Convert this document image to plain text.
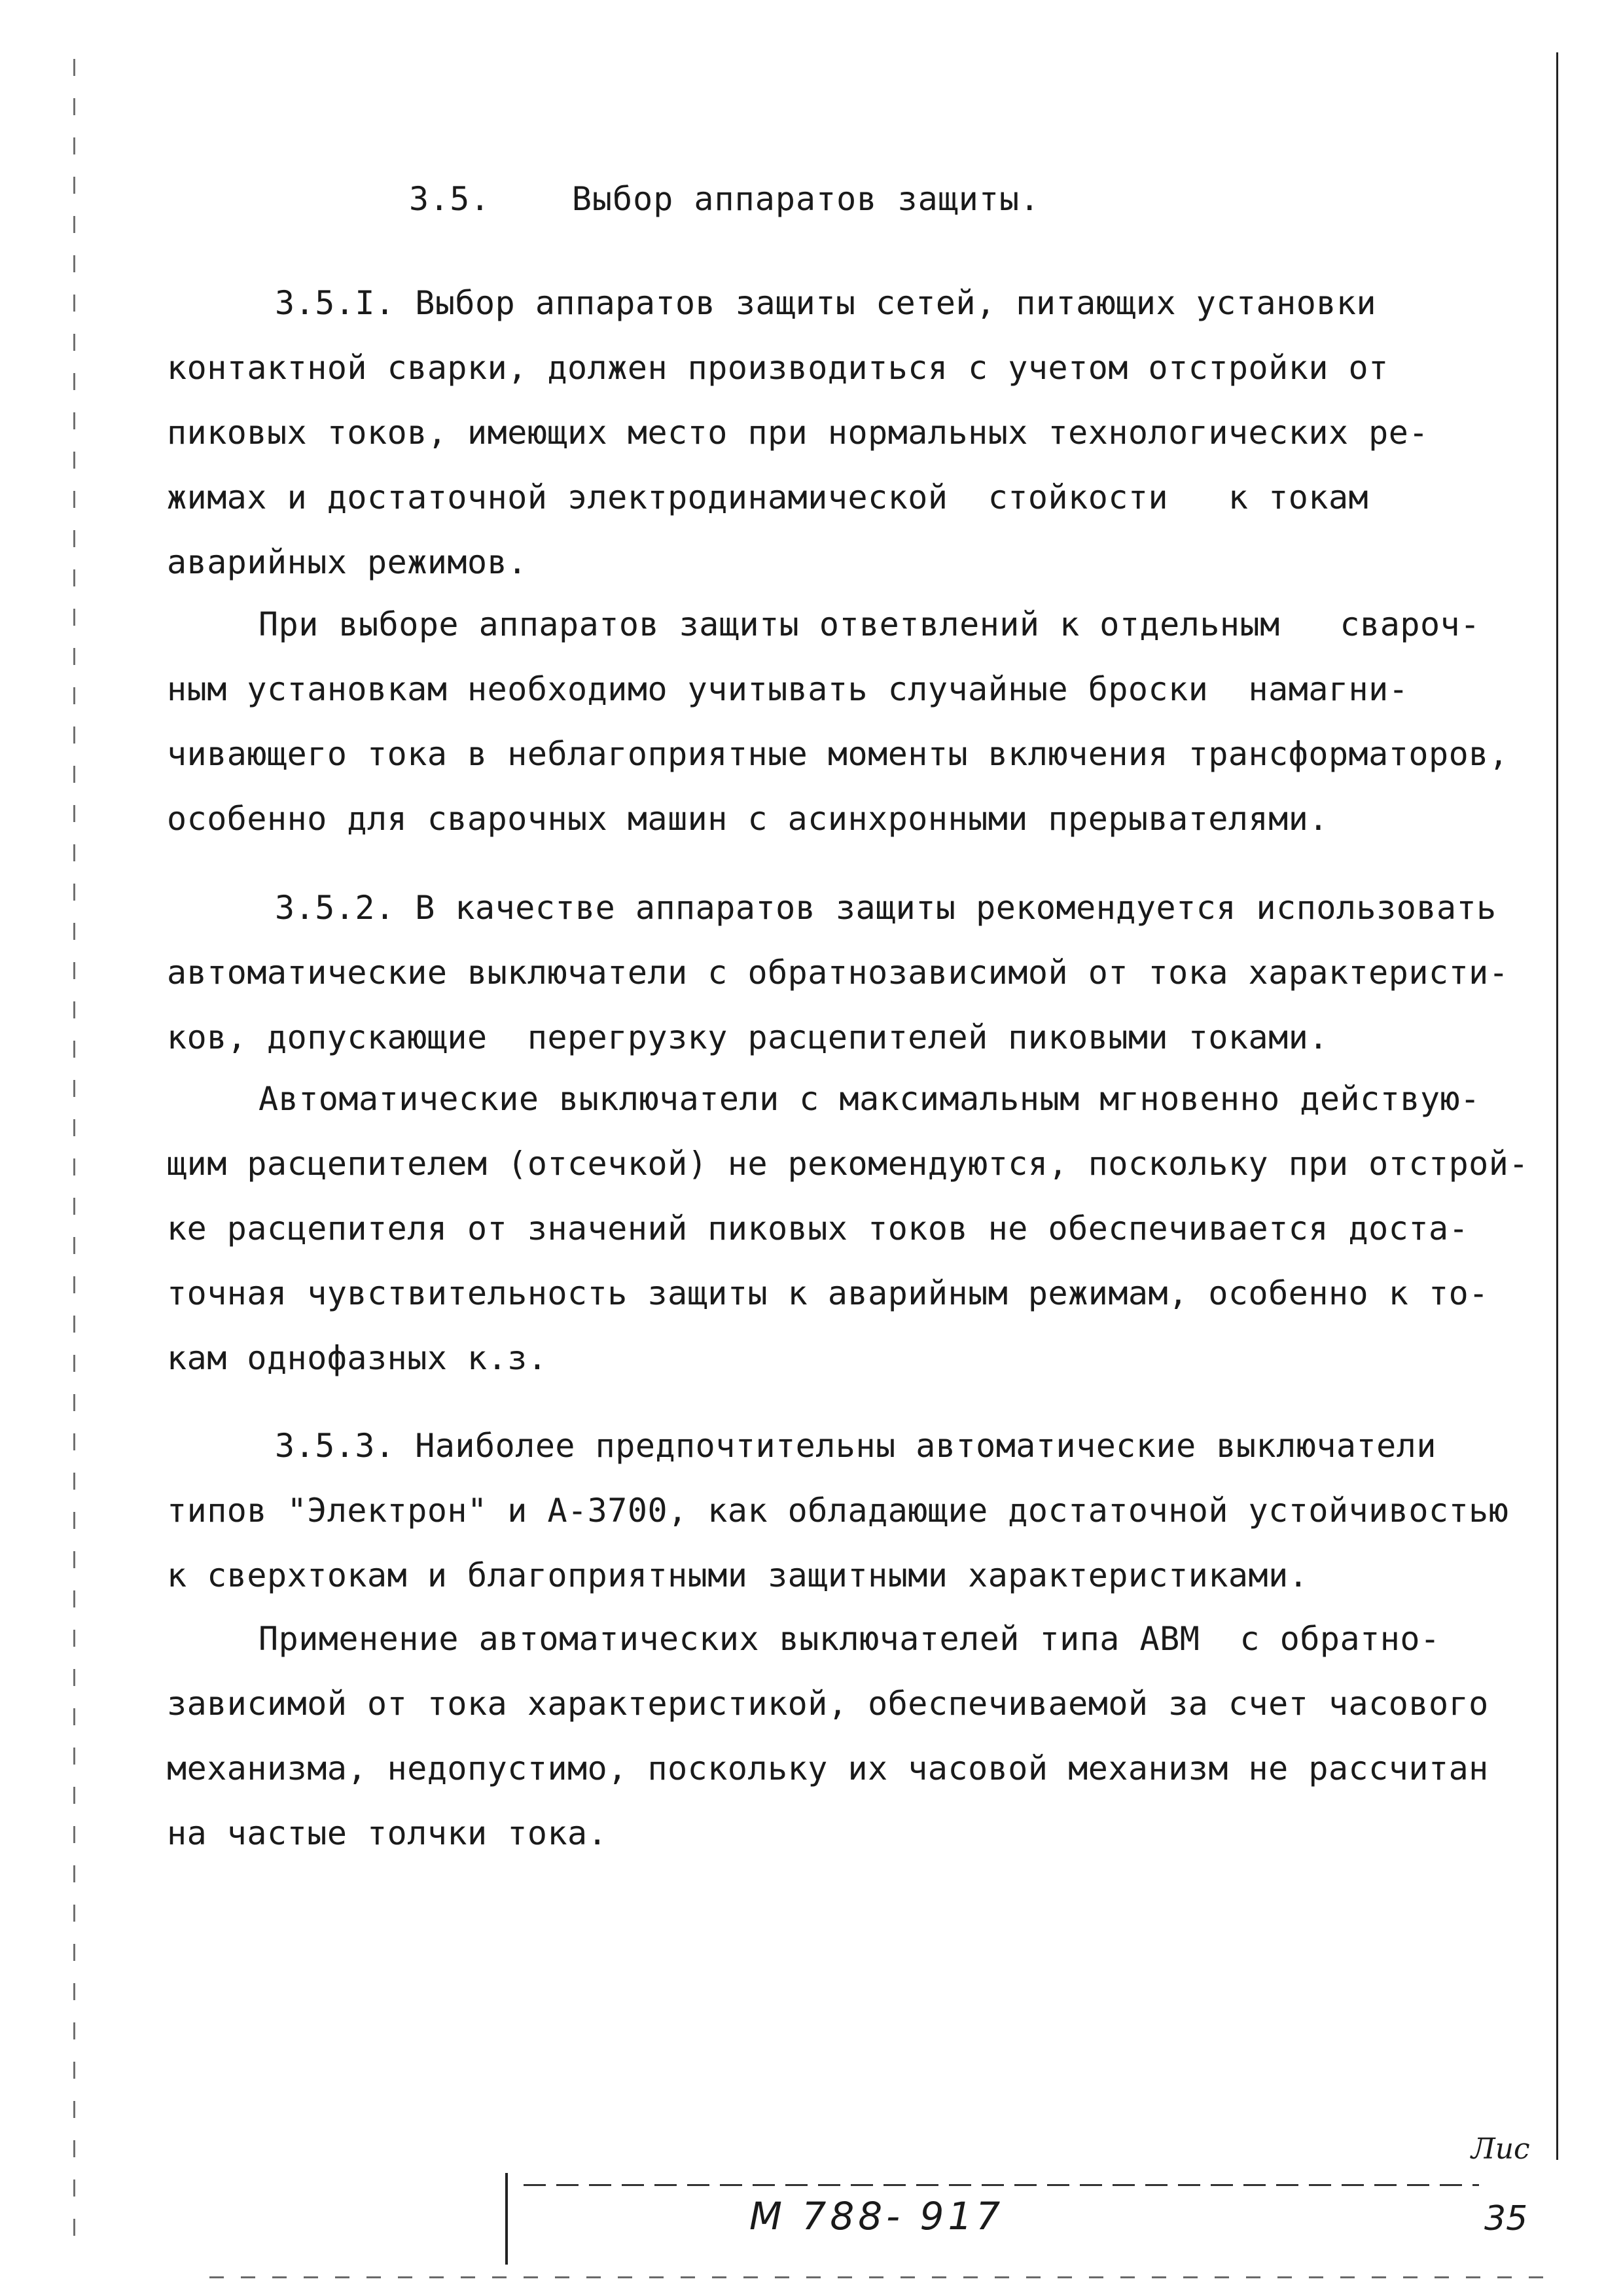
3.5.    Выбор аппаратов защиты.
3.5.I. Выбор аппаратов защиты сетей, питающих установки
контактной сварки, должен производиться с учетом отстройки от
пиковых токов, имеющих место при нормальных технологических ре-
жимах и достаточной электродинамической  стойкости   к токам
аварийных режимов.
При выборе аппаратов защиты ответвлений к отдельным   свароч-
ным установкам необходимо учитывать случайные броски  намагни-
чивающего тока в неблагоприятные моменты включения трансформаторов,
особенно для сварочных машин с асинхронными прерывателями.
3.5.2. В качестве аппаратов защиты рекомендуется использовать
автоматические выключатели с обратнозависимой от тока характеристи-
ков, допускающие  перегрузку расцепителей пиковыми токами.
Автоматические выключатели с максимальным мгновенно действую-
щим расцепителем (отсечкой) не рекомендуются, поскольку при отстрой-
ке расцепителя от значений пиковых токов не обеспечивается доста-
точная чувствительность защиты к аварийным режимам, особенно к то-
кам однофазных к.з.
3.5.3. Наиболее предпочтительны автоматические выключатели
типов "Электрон" и А-3700, как обладающие достаточной устойчивостью
к сверхтокам и благоприятными защитными характеристиками.
Применение автоматических выключателей типа АВМ  с обратно-
зависимой от тока характеристикой, обеспечиваемой за счет часового
механизма, недопустимо, поскольку их часовой механизм не рассчитан
на частые толчки тока.
М 788- 917
Лис
35
